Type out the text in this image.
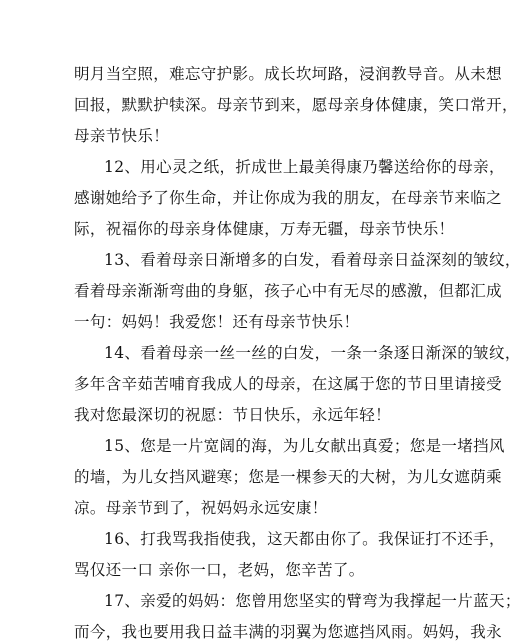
明月当空照，难忘守护影。成长坎坷路，浸润教导音。从未想
回报，默默护犊深。母亲节到来，愿母亲身体健康，笑口常开，
母亲节快乐！
12、用心灵之纸，折成世上最美得康乃馨送给你的母亲，
感谢她给予了你生命，并让你成为我的朋友，在母亲节来临之
际，祝福你的母亲身体健康，万寿无疆，母亲节快乐！
13、看着母亲日渐增多的白发，看着母亲日益深刻的皱纹，
看着母亲渐渐弯曲的身躯，孩子心中有无尽的感激，但都汇成
一句：妈妈！我爱您！还有母亲节快乐！
14、看着母亲一丝一丝的白发，一条一条逐日渐深的皱纹，
多年含辛茹苦哺育我成人的母亲，在这属于您的节日里请接受
我对您最深切的祝愿：节日快乐，永远年轻！
15、您是一片宽阔的海，为儿女献出真爱；您是一堵挡风
的墙，为儿女挡风避寒；您是一棵参天的大树，为儿女遮荫乘
凉。母亲节到了，祝妈妈永远安康！
16、打我骂我指使我，这天都由你了。我保证打不还手，
骂仅还一口 亲你一口，老妈，您辛苦了。
17、亲爱的妈妈：您曾用您坚实的臂弯为我撑起一片蓝天；
而今，我也要用我日益丰满的羽翼为您遮挡风雨。妈妈，我永
